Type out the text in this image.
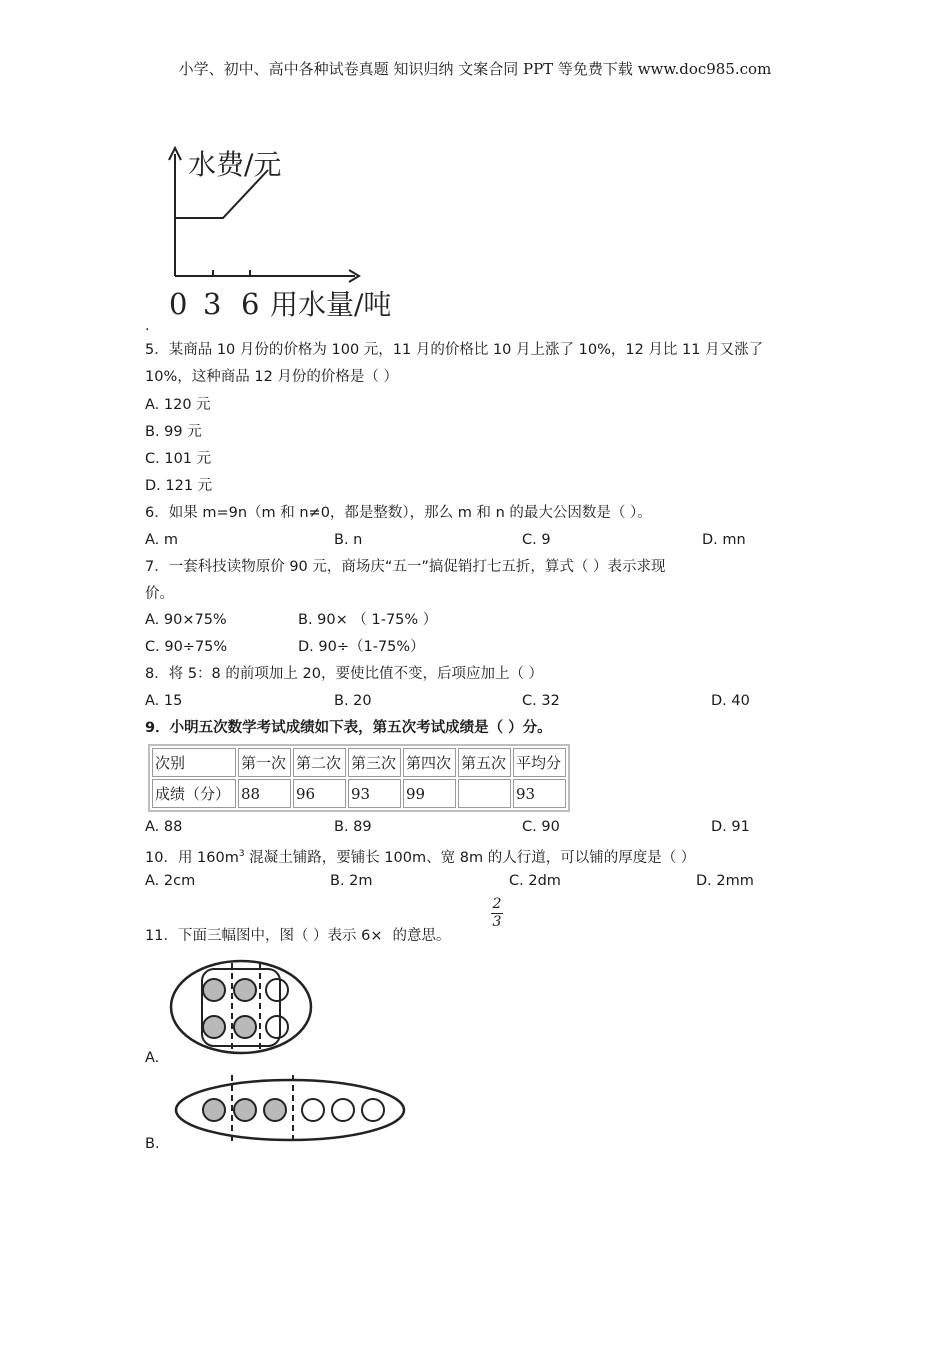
小学、初中、高中各种试卷真题 知识归纳 文案合同 PPT 等免费下载 www.doc985.com
水费/元
0 3 6 用水量/吨
.
5．某商品 10 月份的价格为 100 元，11 月的价格比 10 月上涨了 10%，12 月比 11 月又涨了
10%，这种商品 12 月份的价格是（ ）
A. 120 元
B. 99 元
C. 101 元
D. 121 元
6．如果 m=9n（m 和 n≠0，都是整数），那么 m 和 n 的最大公因数是（ ）。
A. m	B. n	C. 9	D. mn
7．一套科技读物原价 90 元，商场庆“五一”搞促销打七五折，算式（ ）表示求现
价。
A. 90×75%	B. 90× （ 1-75% ）
C. 90÷75%	D. 90÷（1-75%）
8．将 5：8 的前项加上 20，要使比值不变，后项应加上（ ）
A. 15	B. 20	C. 32	D. 40
9．小明五次数学考试成绩如下表，第五次考试成绩是（ ）分。
次别	第一次	第二次	第三次	第四次	第五次	平均分
成绩（分）	88	96	93	99		93
A. 88	B. 89	C. 90	D. 91
10．用 $160m^3$ 混凝土铺路，要铺长 100m、宽 8m 的人行道，可以铺的厚度是（ ）
A. 2cm	B. 2m	C. 2dm	D. 2mm
11．下面三幅图中，图（ ）表示 6× 的意思。
$\frac{2}{3}$
A.
B.
